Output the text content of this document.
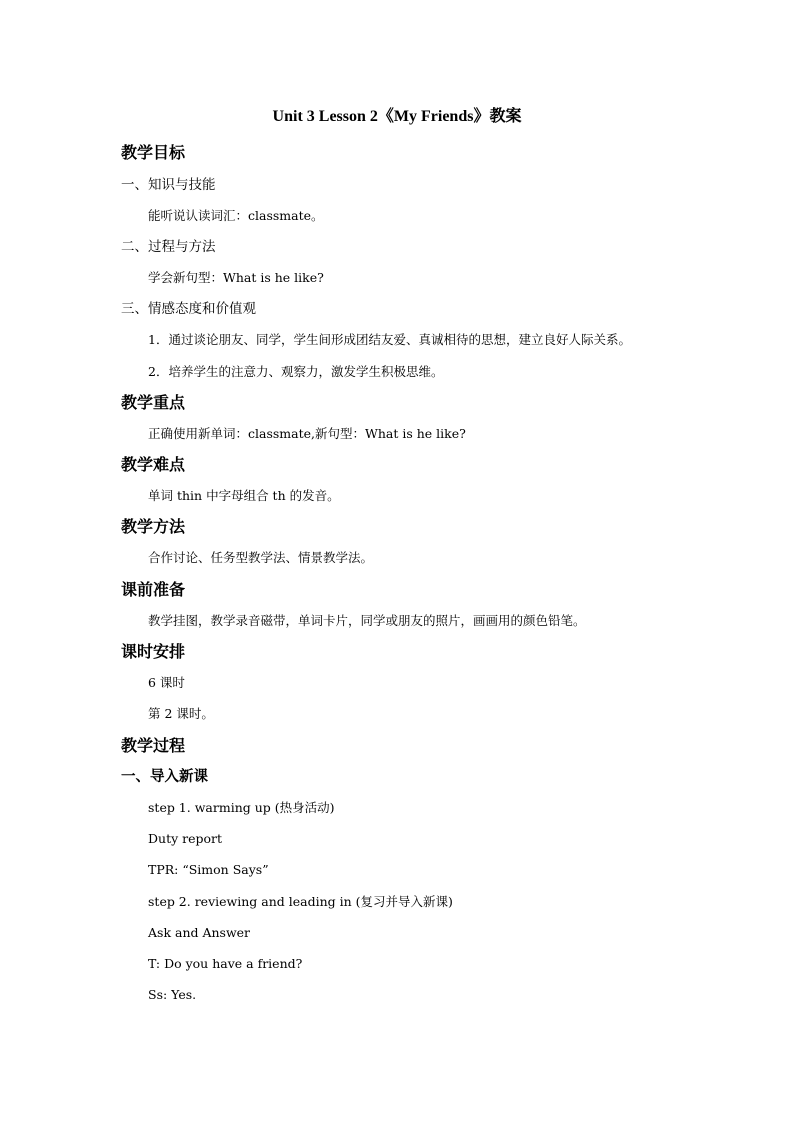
Unit 3 Lesson 2《My Friends》教案
教学目标
一、知识与技能
能听说认读词汇：classmate。
二、过程与方法
学会新句型：What is he like?
三、情感态度和价值观
1．通过谈论朋友、同学，学生间形成团结友爱、真诚相待的思想，建立良好人际关系。
2．培养学生的注意力、观察力，激发学生积极思维。
教学重点
正确使用新单词：classmate,新句型：What is he like?
教学难点
单词 thin 中字母组合 th 的发音。
教学方法
合作讨论、任务型教学法、情景教学法。
课前准备
教学挂图，教学录音磁带，单词卡片，同学或朋友的照片，画画用的颜色铅笔。
课时安排
6 课时
第 2 课时。
教学过程
一、导入新课
step 1. warming up (热身活动)
Duty report
TPR: “Simon Says”
step 2. reviewing and leading in (复习并导入新课)
Ask and Answer
T: Do you have a friend?
Ss: Yes.
